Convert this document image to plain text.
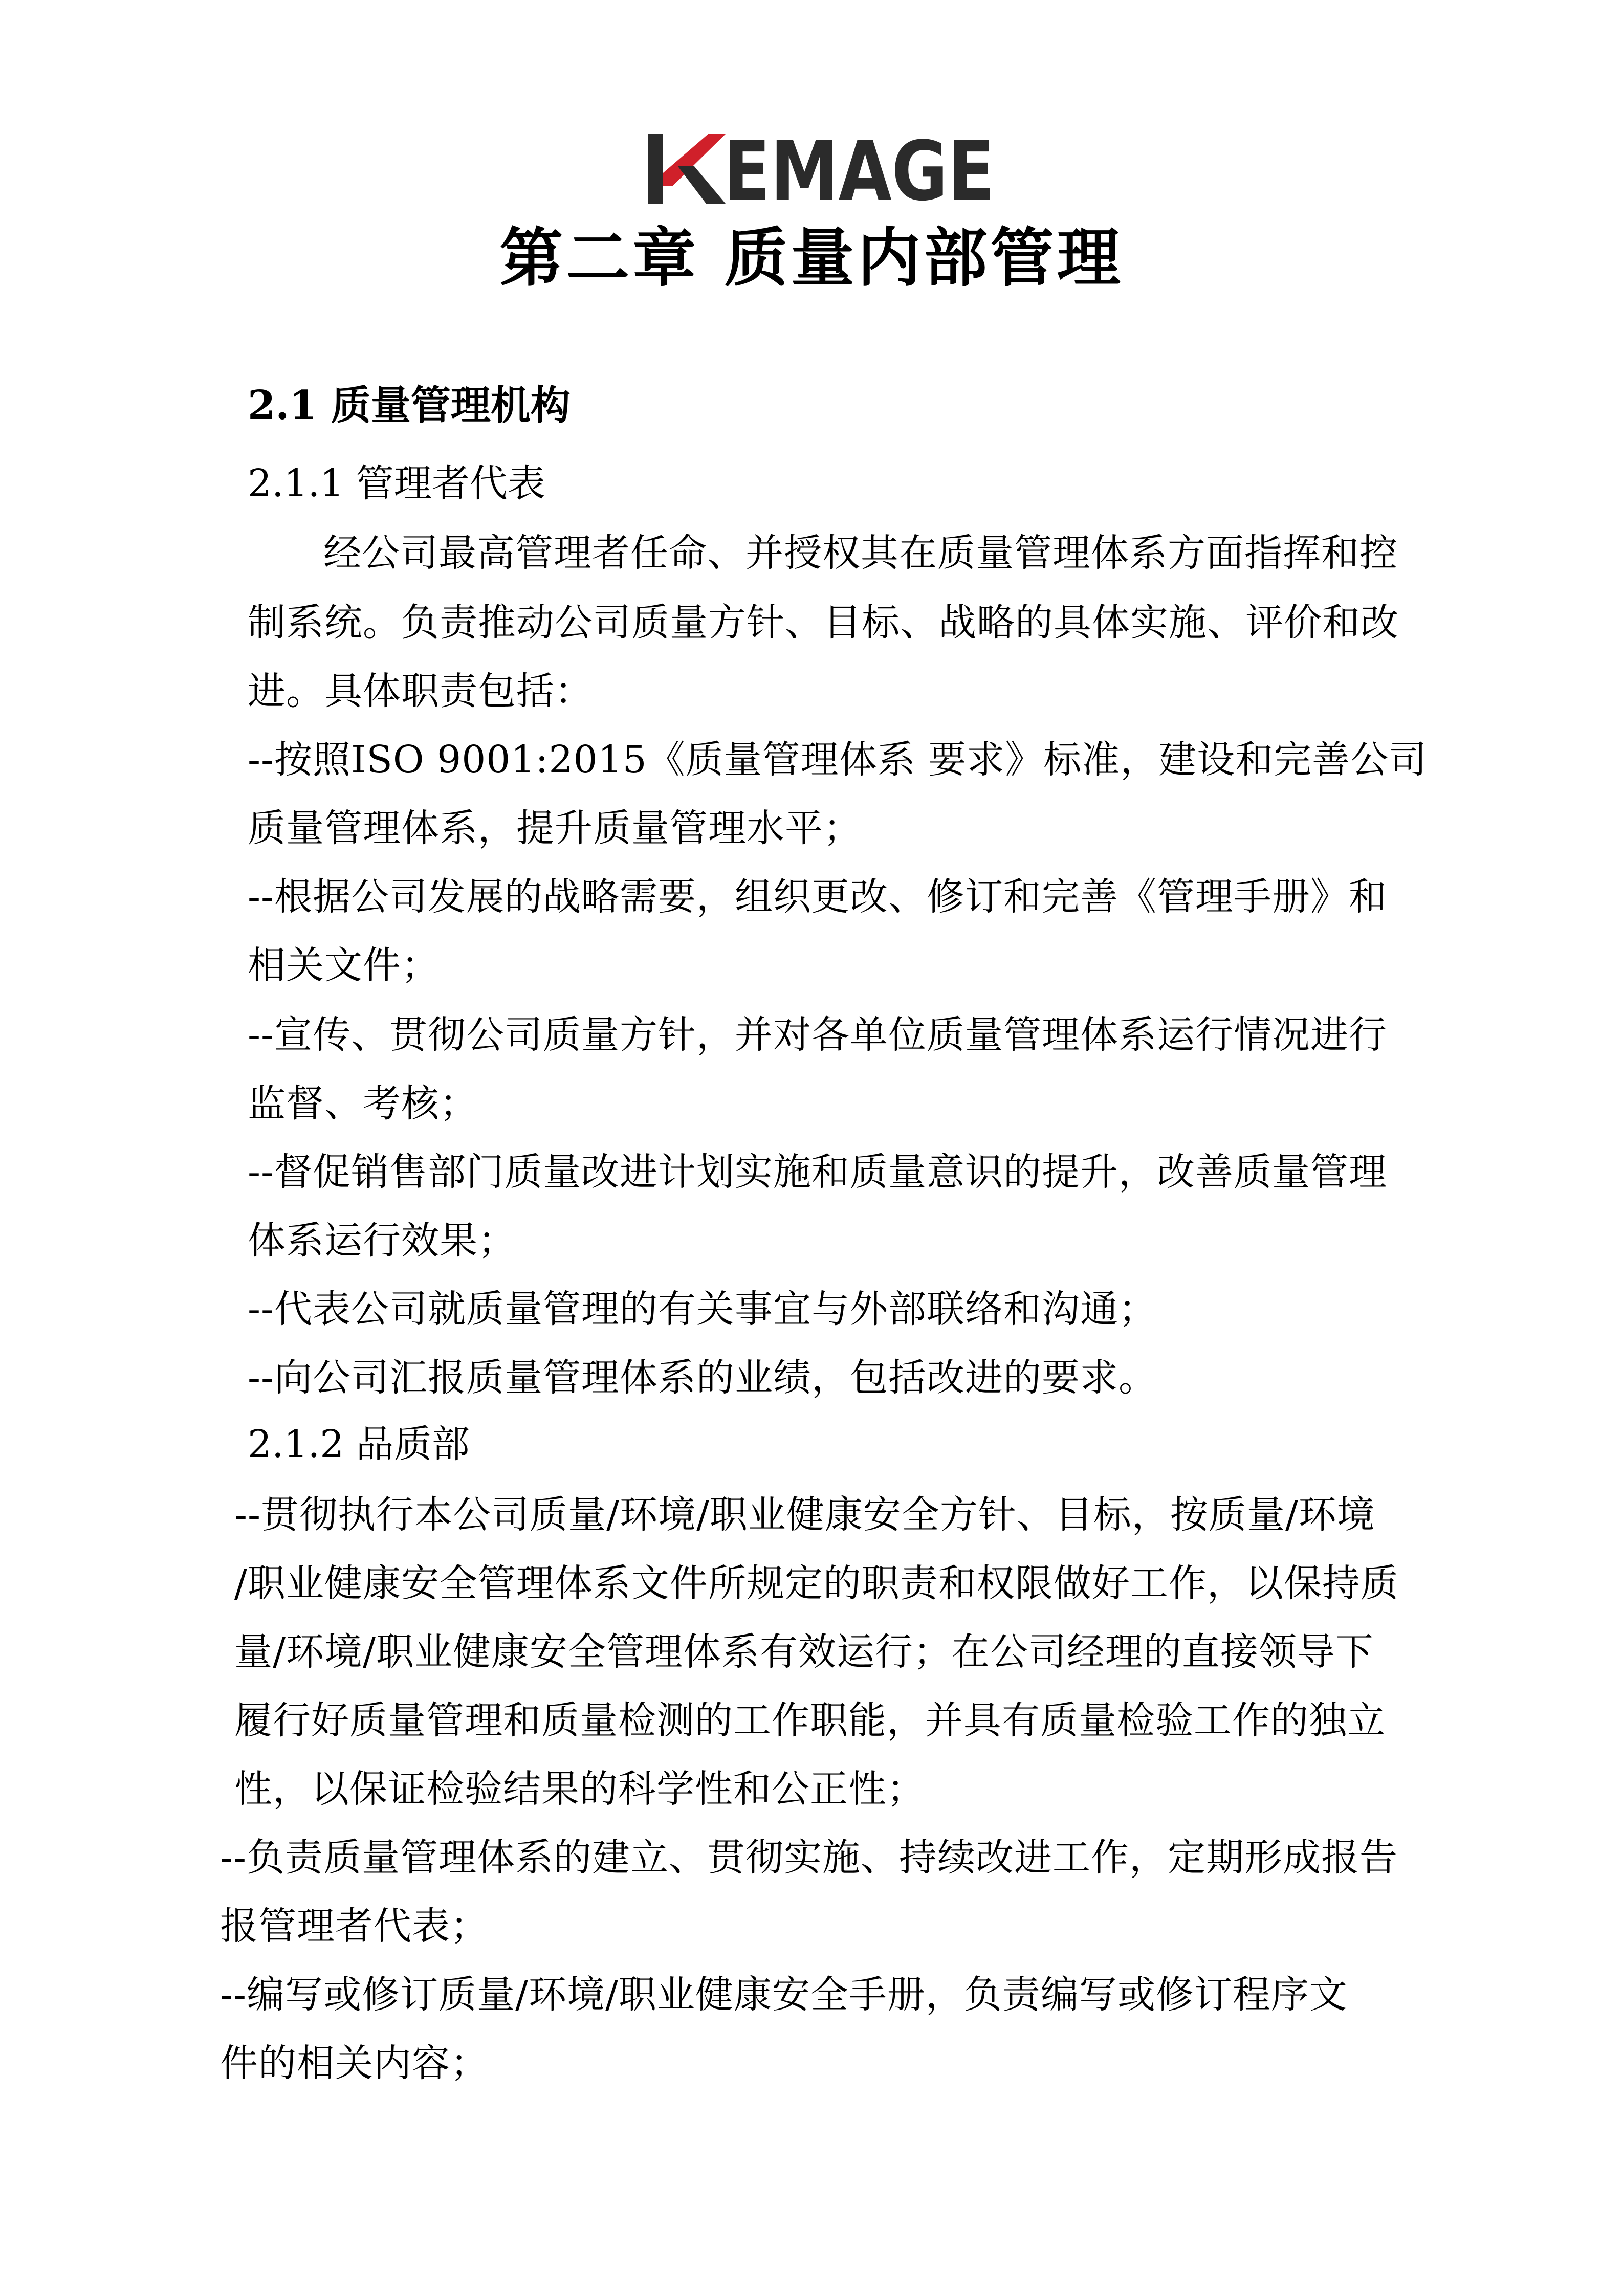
EMAGE
第二章 质量内部管理
2.1 质量管理机构
2.1.1 管理者代表
经公司最高管理者任命、并授权其在质量管理体系方面指挥和控
制系统。负责推动公司质量方针、目标、战略的具体实施、评价和改
进。具体职责包括：
--按照ISO 9001:2015《质量管理体系 要求》标准，建设和完善公司
质量管理体系，提升质量管理水平；
--根据公司发展的战略需要，组织更改、修订和完善《管理手册》和
相关文件；
--宣传、贯彻公司质量方针，并对各单位质量管理体系运行情况进行
监督、考核；
--督促销售部门质量改进计划实施和质量意识的提升，改善质量管理
体系运行效果；
--代表公司就质量管理的有关事宜与外部联络和沟通；
--向公司汇报质量管理体系的业绩，包括改进的要求。
2.1.2 品质部
--贯彻执行本公司质量/环境/职业健康安全方针、目标，按质量/环境
/职业健康安全管理体系文件所规定的职责和权限做好工作，以保持质
量/环境/职业健康安全管理体系有效运行；在公司经理的直接领导下
履行好质量管理和质量检测的工作职能，并具有质量检验工作的独立
性，以保证检验结果的科学性和公正性；
--负责质量管理体系的建立、贯彻实施、持续改进工作，定期形成报告
报管理者代表；
--编写或修订质量/环境/职业健康安全手册，负责编写或修订程序文
件的相关内容；
